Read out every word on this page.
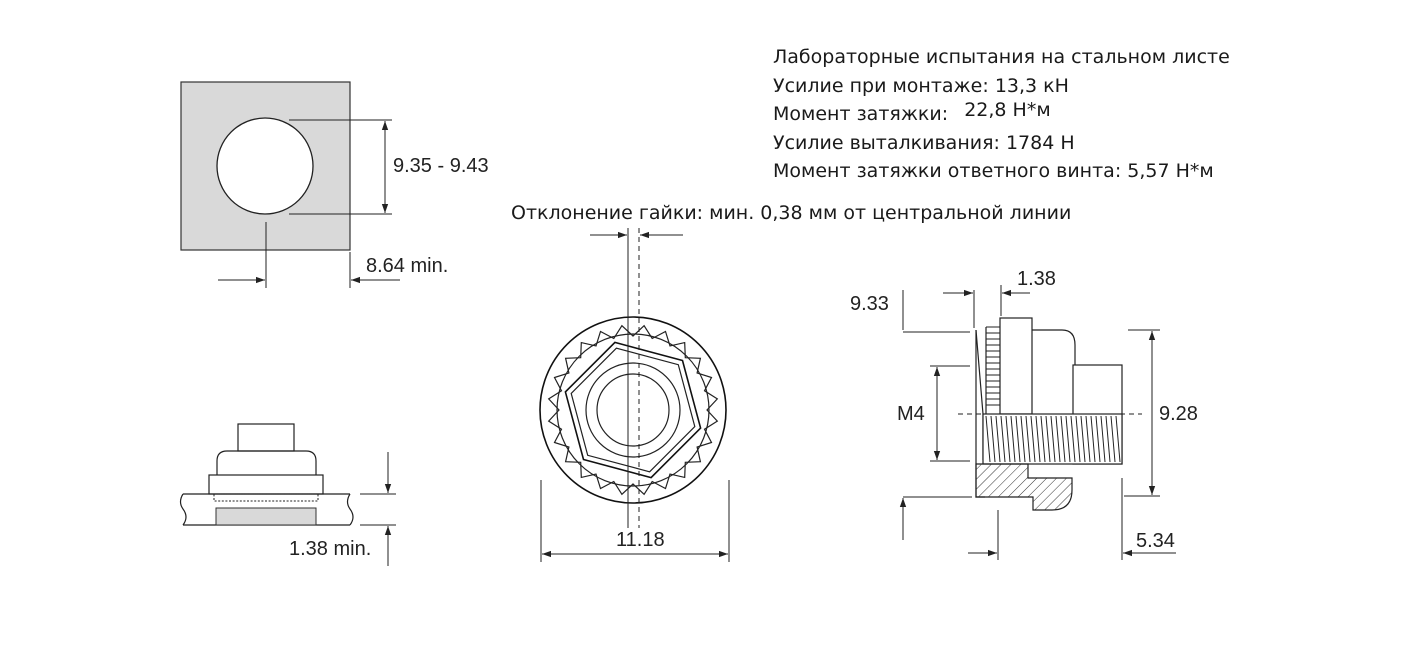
9.35 - 9.43
8.64 min.
1.38 min.	11.18
9.33
1.38
M4	9.28
5.34
Лабораторные испытания на стальном листе
Усилие при монтаже: 13,3 кН
Момент затяжки: 22,8 Н*м
Усилие выталкивания: 1784 Н
Момент затяжки ответного винта: 5,57 Н*м

Отклонение гайки: мин. 0,38 мм от центральной линии
